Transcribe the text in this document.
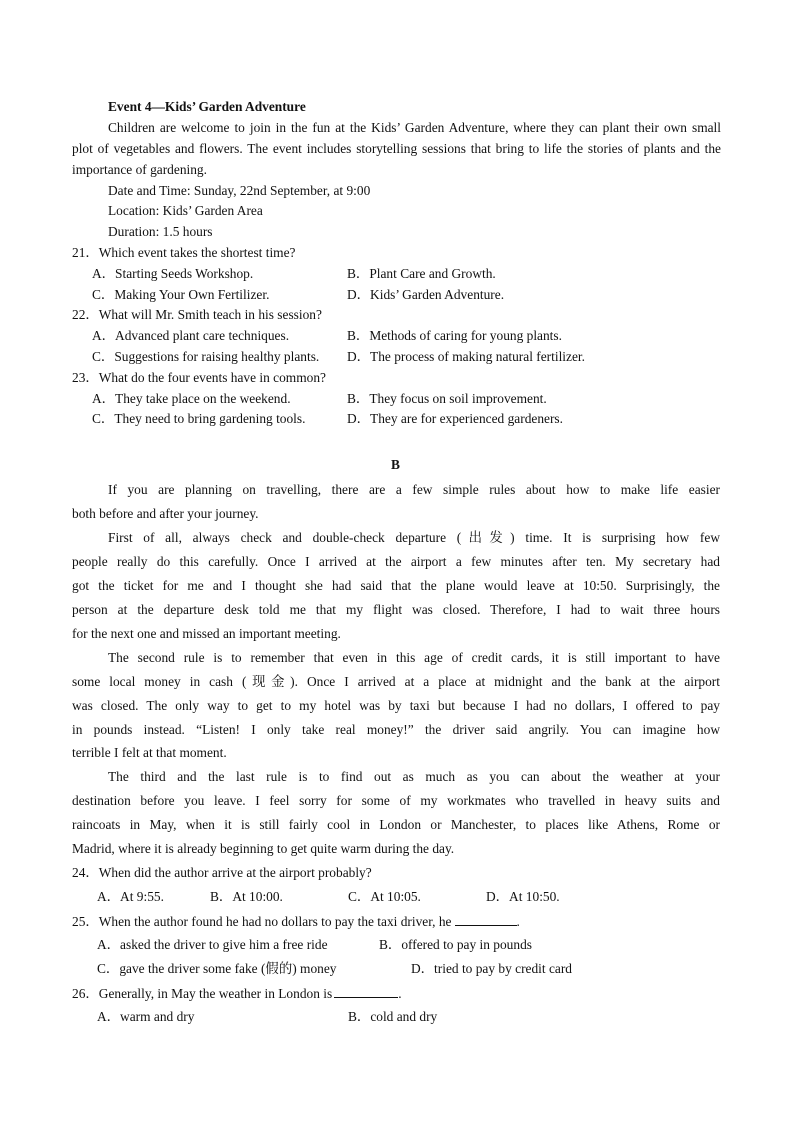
Event 4—Kids’ Garden Adventure
Children are welcome to join in the fun at the Kids’ Garden Adventure, where they can plant their own small
plot of vegetables and flowers. The event includes storytelling sessions that bring to life the stories of plants and the
importance of gardening.
Date and Time: Sunday, 22nd September, at 9:00
Location: Kids’ Garden Area
Duration: 1.5 hours
21．Which event takes the shortest time?
A．Starting Seeds Workshop.	B．Plant Care and Growth.
C．Making Your Own Fertilizer.	D．Kids’ Garden Adventure.
22．What will Mr. Smith teach in his session?
A．Advanced plant care techniques.	B．Methods of caring for young plants.
C．Suggestions for raising healthy plants. D．The process of making natural fertilizer.
23．What do the four events have in common?
A．They take place on the weekend.	B．They focus on soil improvement.
C．They need to bring gardening tools.	D．They are for experienced gardeners.
B
If you are planning on travelling, there are a few simple rules about how to make life easier
both before and after your journey.
First of all, always check and double-check departure (出发) time. It is surprising how few
people really do this carefully. Once I arrived at the airport a few minutes after ten. My secretary had
got the ticket for me and I thought she had said that the plane would leave at 10:50. Surprisingly, the
person at the departure desk told me that my flight was closed. Therefore, I had to wait three hours
for the next one and missed an important meeting.
The second rule is to remember that even in this age of credit cards, it is still important to have
some local money in cash (现金). Once I arrived at a place at midnight and the bank at the airport
was closed. The only way to get to my hotel was by taxi but because I had no dollars, I offered to pay
in pounds instead. “Listen! I only take real money!” the driver said angrily. You can imagine how
terrible I felt at that moment.
The third and the last rule is to find out as much as you can about the weather at your
destination before you leave. I feel sorry for some of my workmates who travelled in heavy suits and
raincoats in May, when it is still fairly cool in London or Manchester, to places like Athens, Rome or
Madrid, where it is already beginning to get quite warm during the day.
24．When did the author arrive at the airport probably?
A．At 9:55.	B．At 10:00.	C．At 10:05.	D．At 10:50.
25．When the author found he had no dollars to pay the taxi driver, he	.
A．asked the driver to give him a free ride	B．offered to pay in pounds
C．gave the driver some fake (假的) money	D．tried to pay by credit card
26．Generally, in May the weather in London is	.
A．warm and dry	B．cold and dry
